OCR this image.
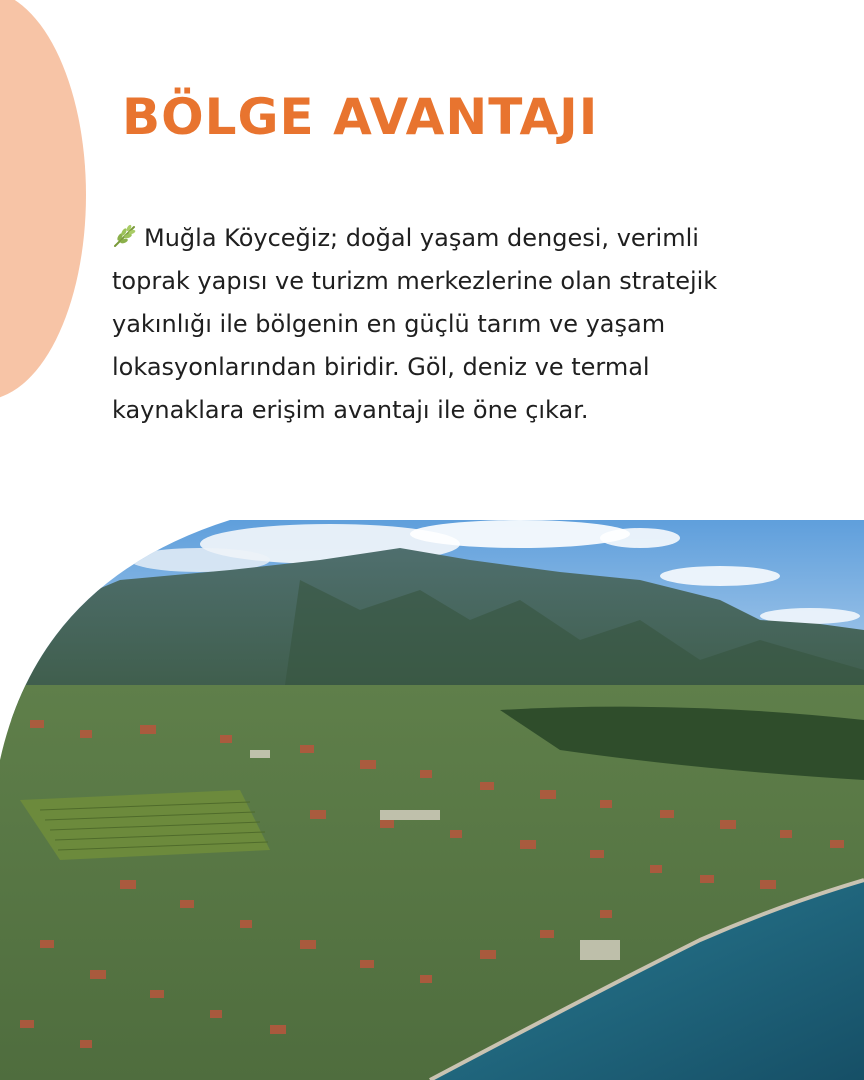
BÖLGE AVANTAJI

Muğla Köyceğiz; doğal yaşam dengesi, verimli toprak yapısı ve turizm merkezlerine olan stratejik yakınlığı ile bölgenin en güçlü tarım ve yaşam lokasyonlarından biridir. Göl, deniz ve termal kaynaklara erişim avantajı ile öne çıkar.
